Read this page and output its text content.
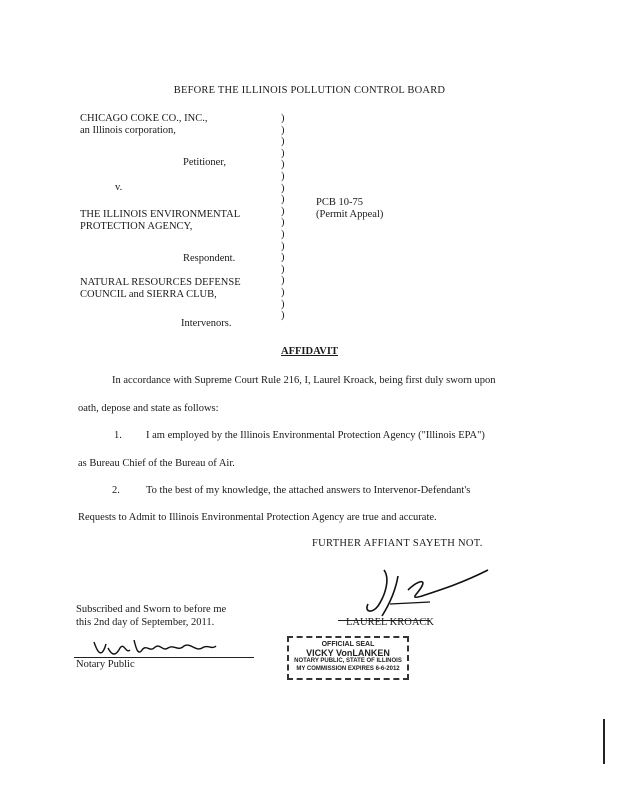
BEFORE THE ILLINOIS POLLUTION CONTROL BOARD
CHICAGO COKE CO., INC.,
an Illinois corporation,
Petitioner,
v.
THE ILLINOIS ENVIRONMENTAL
PROTECTION AGENCY,
Respondent.
NATURAL RESOURCES DEFENSE
COUNCIL and SIERRA CLUB,
Intervenors.
)
)
)
)
)
)
)
)
)
)
)
)
)
)
)
)
)
)
PCB 10-75
(Permit Appeal)
AFFIDAVIT
In accordance with Supreme Court Rule 216, I, Laurel Kroack, being first duly sworn upon
oath, depose and state as follows:
1. I am employed by the Illinois Environmental Protection Agency ("Illinois EPA")
as Bureau Chief of the Bureau of Air.
2. To the best of my knowledge, the attached answers to Intervenor-Defendant's
Requests to Admit to Illinois Environmental Protection Agency are true and accurate.
FURTHER AFFIANT SAYETH NOT.
LAUREL KROACK
Subscribed and Sworn to before me
this 2nd day of September, 2011.
Notary Public
OFFICIAL SEAL
VICKY VonLANKEN
NOTARY PUBLIC, STATE OF ILLINOIS
MY COMMISSION EXPIRES 6-6-2012
